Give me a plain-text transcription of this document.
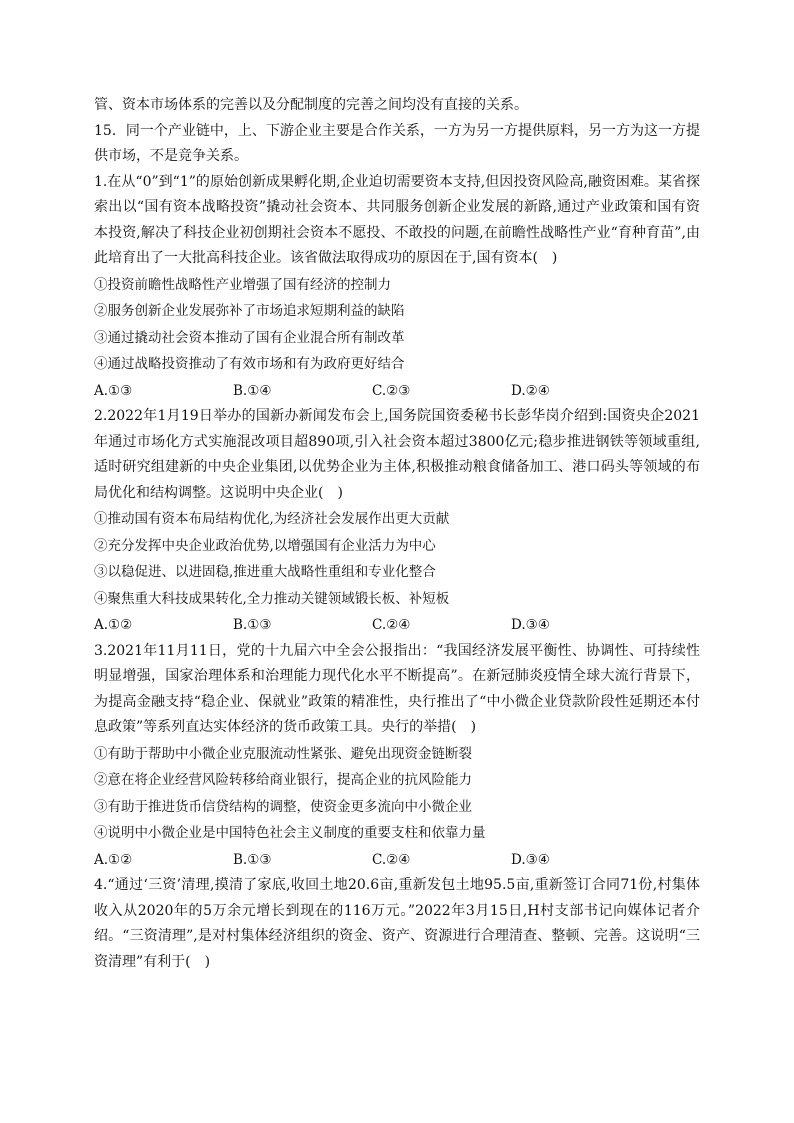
管、资本市场体系的完善以及分配制度的完善之间均没有直接的关系。

15．同一个产业链中，上、下游企业主要是合作关系，一方为另一方提供原料，另一方为这一方提供市场，不是竞争关系。

1.在从“0”到“1”的原始创新成果孵化期,企业迫切需要资本支持,但因投资风险高,融资困难。某省探索出以“国有资本战略投资”撬动社会资本、共同服务创新企业发展的新路,通过产业政策和国有资本投资,解决了科技企业初创期社会资本不愿投、不敢投的问题,在前瞻性战略性产业“育种育苗”,由此培育出了一大批高科技企业。该省做法取得成功的原因在于,国有资本(　)

①投资前瞻性战略性产业增强了国有经济的控制力
②服务创新企业发展弥补了市场追求短期利益的缺陷
③通过撬动社会资本推动了国有企业混合所有制改革
④通过战略投资推动了有效市场和有为政府更好结合
A.①③	B.①④	C.②③	D.②④

2.2022年1月19日举办的国新办新闻发布会上,国务院国资委秘书长彭华岗介绍到:国资央企2021年通过市场化方式实施混改项目超890项,引入社会资本超过3800亿元;稳步推进钢铁等领域重组,适时研究组建新的中央企业集团,以优势企业为主体,积极推动粮食储备加工、港口码头等领域的布局优化和结构调整。这说明中央企业(　)

①推动国有资本布局结构优化,为经济社会发展作出更大贡献
②充分发挥中央企业政治优势,以增强国有企业活力为中心
③以稳促进、以进固稳,推进重大战略性重组和专业化整合
④聚焦重大科技成果转化,全力推动关键领域锻长板、补短板
A.①②	B.①③	C.②④	D.③④

3.2021年11月11日，党的十九届六中全会公报指出：“我国经济发展平衡性、协调性、可持续性明显增强，国家治理体系和治理能力现代化水平不断提高”。在新冠肺炎疫情全球大流行背景下，为提高金融支持“稳企业、保就业”政策的精准性，央行推出了“中小微企业贷款阶段性延期还本付息政策”等系列直达实体经济的货币政策工具。央行的举措(　)

①有助于帮助中小微企业克服流动性紧张、避免出现资金链断裂
②意在将企业经营风险转移给商业银行，提高企业的抗风险能力
③有助于推进货币信贷结构的调整，使资金更多流向中小微企业
④说明中小微企业是中国特色社会主义制度的重要支柱和依靠力量
A.①②	B.①③	C.②④	D.③④

4.“通过‘三资’清理,摸清了家底,收回土地20.6亩,重新发包土地95.5亩,重新签订合同71份,村集体收入从2020年的5万余元增长到现在的116万元。”2022年3月15日,H村支部书记向媒体记者介绍。“三资清理”,是对村集体经济组织的资金、资产、资源进行合理清查、整顿、完善。这说明“三资清理”有利于(　)
